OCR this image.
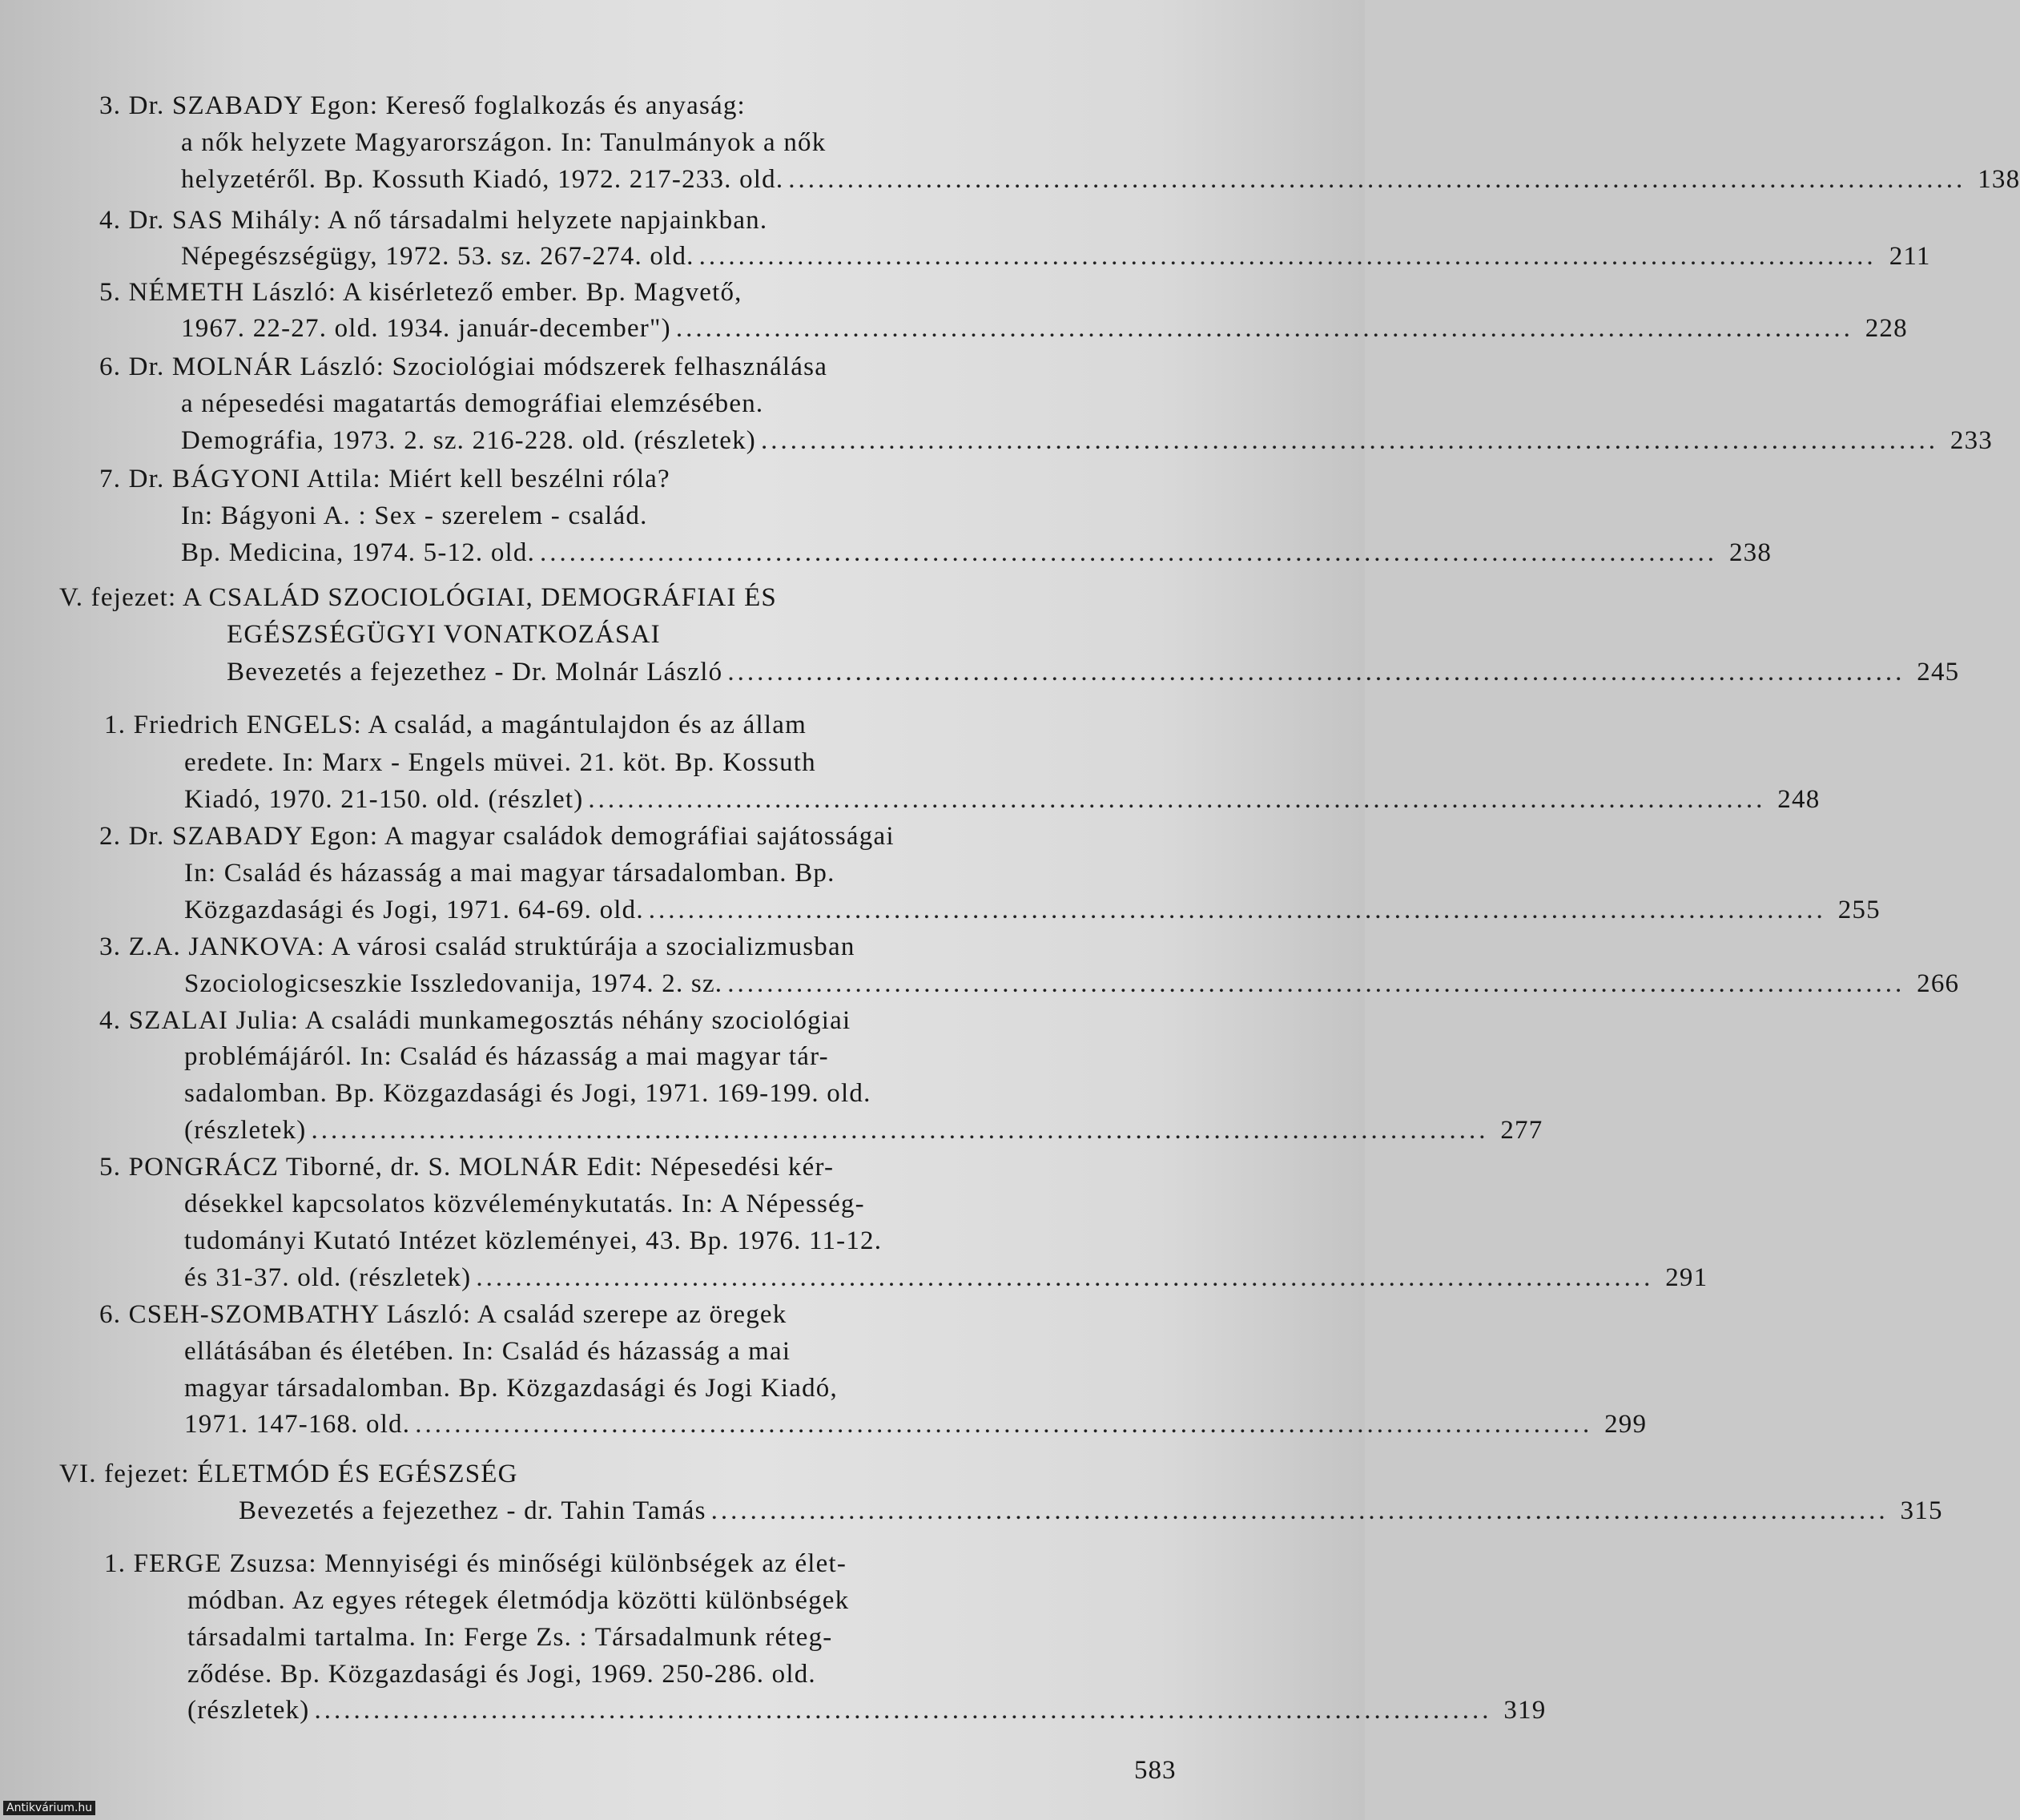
3. Dr. SZABADY Egon: Kereső foglalkozás és anyaság:
a nők helyzete Magyarországon. In: Tanulmányok a nők
helyzetéről. Bp. Kossuth Kiadó, 1972. 217-233. old. ........................................................................................................................ 138
4. Dr. SAS Mihály: A nő társadalmi helyzete napjainkban.
Népegészségügy, 1972. 53. sz. 267-274. old. ........................................................................................................................ 211
5. NÉMETH László: A kisérletező ember. Bp. Magvető,
1967. 22-27. old. 1934. január-december") ........................................................................................................................ 228
6. Dr. MOLNÁR László: Szociológiai módszerek felhasználása
a népesedési magatartás demográfiai elemzésében.
Demográfia, 1973. 2. sz. 216-228. old. (részletek) ........................................................................................................................ 233
7. Dr. BÁGYONI Attila: Miért kell beszélni róla?
In: Bágyoni A. : Sex - szerelem - család.
Bp. Medicina, 1974. 5-12. old. ........................................................................................................................ 238
V. fejezet: A CSALÁD SZOCIOLÓGIAI, DEMOGRÁFIAI ÉS
EGÉSZSÉGÜGYI VONATKOZÁSAI
Bevezetés a fejezethez - Dr. Molnár László ........................................................................................................................ 245
1. Friedrich ENGELS: A család, a magántulajdon és az állam
eredete. In: Marx - Engels müvei. 21. köt. Bp. Kossuth
Kiadó, 1970. 21-150. old. (részlet) ........................................................................................................................ 248
2. Dr. SZABADY Egon: A magyar családok demográfiai sajátosságai
In: Család és házasság a mai magyar társadalomban. Bp.
Közgazdasági és Jogi, 1971. 64-69. old. ........................................................................................................................ 255
3. Z.A. JANKOVA: A városi család struktúrája a szocializmusban
Szociologicseszkie Isszledovanija, 1974. 2. sz. ........................................................................................................................ 266
4. SZALAI Julia: A családi munkamegosztás néhány szociológiai
problémájáról. In: Család és házasság a mai magyar tár-
sadalomban. Bp. Közgazdasági és Jogi, 1971. 169-199. old.
(részletek) ........................................................................................................................ 277
5. PONGRÁCZ Tiborné, dr. S. MOLNÁR Edit: Népesedési kér-
désekkel kapcsolatos közvéleménykutatás. In: A Népesség-
tudományi Kutató Intézet közleményei, 43. Bp. 1976. 11-12.
és 31-37. old. (részletek) ........................................................................................................................ 291
6. CSEH-SZOMBATHY László: A család szerepe az öregek
ellátásában és életében. In: Család és házasság a mai
magyar társadalomban. Bp. Közgazdasági és Jogi Kiadó,
1971. 147-168. old. ........................................................................................................................ 299
VI. fejezet: ÉLETMÓD ÉS EGÉSZSÉG
Bevezetés a fejezethez - dr. Tahin Tamás ........................................................................................................................ 315
1. FERGE Zsuzsa: Mennyiségi és minőségi különbségek az élet-
módban. Az egyes rétegek életmódja közötti különbségek
társadalmi tartalma. In: Ferge Zs. : Társadalmunk réteg-
ződése. Bp. Közgazdasági és Jogi, 1969. 250-286. old.
(részletek) ........................................................................................................................ 319
583
Antikvárium.hu
